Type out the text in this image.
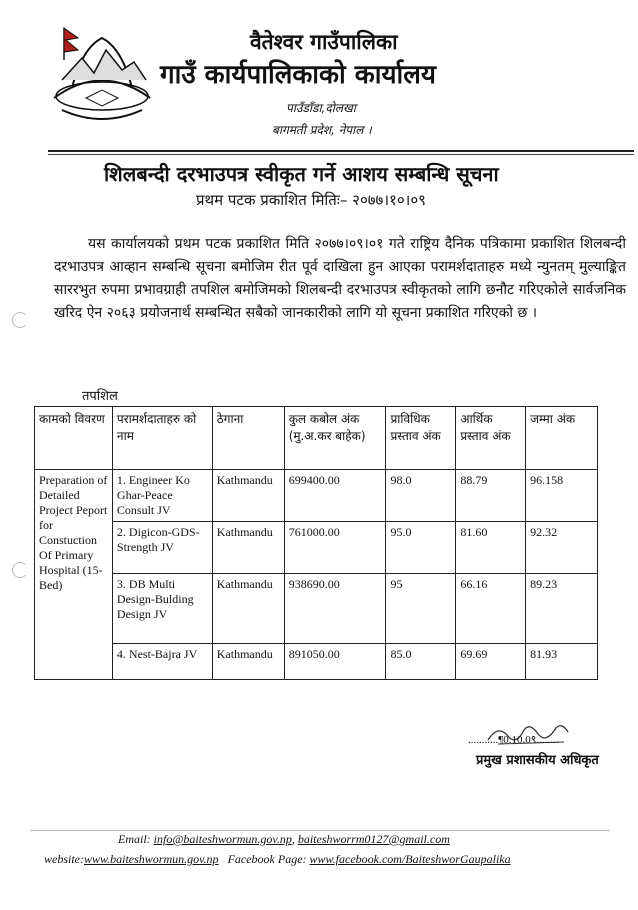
वैतेश्वर गाउँपालिका
गाउँ कार्यपालिकाको कार्यालय
पाउँडाँडा,दोलखा
बागमती प्रदेश, नेपाल ।
शिलबन्दी दरभाउपत्र स्वीकृत गर्ने आशय सम्बन्धि सूचना
प्रथम पटक प्रकाशित मितिः– २०७७।१०।०९
यस कार्यालयको प्रथम पटक प्रकाशित मिति २०७७।०९।०१ गते राष्ट्रिय दैनिक पत्रिकामा प्रकाशित शिलबन्दी दरभाउपत्र आव्हान सम्बन्धि सूचना बमोजिम रीत पूर्व दाखिला हुन आएका परामर्शदाताहरु मध्ये न्युनतम् मुल्याङ्कित साररभुत रुपमा प्रभावग्राही तपशिल बमोजिमको शिलबन्दी दरभाउपत्र स्वीकृतको लागि छनौट गरिएकोले सार्वजनिक खरिद ऐन २०६३ प्रयोजनार्थ सम्बन्धित सबैको जानकारीको लागि यो सूचना प्रकाशित गरिएको छ ।
तपशिल
कामको विवरण	परामर्शदाताहरु को नाम	ठेगाना	कुल कबोल अंक (मु.अ.कर बाहेक)	प्राविधिक प्रस्ताव अंक	आर्थिक प्रस्ताव अंक	जम्मा अंक
Preparation of Detailed Project Peport for Constuction Of Primary Hospital (15-Bed)	1. Engineer Ko Ghar-Peace Consult JV	Kathmandu	699400.00	98.0	88.79	96.158
	2. Digicon-GDS-Strength JV	Kathmandu	761000.00	95.0	81.60	92.32
	3. DB Multi Design-Bulding Design JV	Kathmandu	938690.00	95	66.16	89.23
	4. Nest-Bajra JV	Kathmandu	891050.00	85.0	69.69	81.93
...........¶0.10.0९........
प्रमुख प्रशासकीय अधिकृत
Email: info@baiteshwormun.gov.np, baiteshworrm0127@gmail.com
website:www.baiteshwormun.gov.np Facebook Page: www.facebook.com/BaiteshworGaupalika
